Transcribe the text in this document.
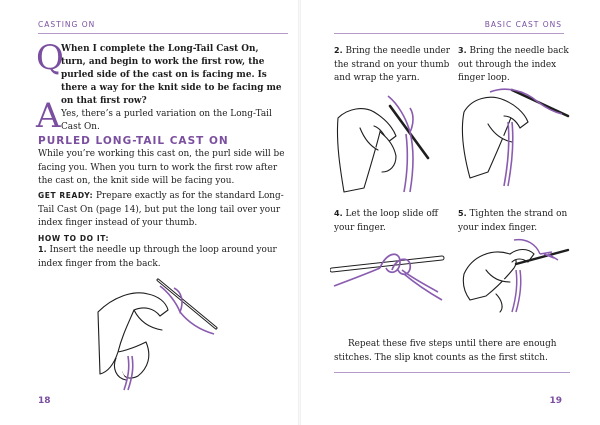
CASTING ON
Q
When I complete the Long-Tail Cast On, turn, and begin to work the first row, the purled side of the cast on is facing me. Is there a way for the knit side to be facing me on that first row?
A Yes, there’s a purled variation on the Long-Tail Cast On.
PURLED LONG-TAIL CAST ON
While you’re working this cast on, the purl side will be facing you. When you turn to work the first row after the cast on, the knit side will be facing you.
GET READY: Prepare exactly as for the standard Long-Tail Cast On (page 14), but put the long tail over your index finger instead of your thumb.
HOW TO DO IT:
1. Insert the needle up through the loop around your index finger from the back.
18
BASIC CAST ONS
2. Bring the needle under the strand on your thumb and wrap the yarn.
3. Bring the needle back out through the index finger loop.
4. Let the loop slide off your finger.
5. Tighten the strand on your index finger.
Repeat these five steps until there are enough stitches. The slip knot counts as the first stitch.
19
